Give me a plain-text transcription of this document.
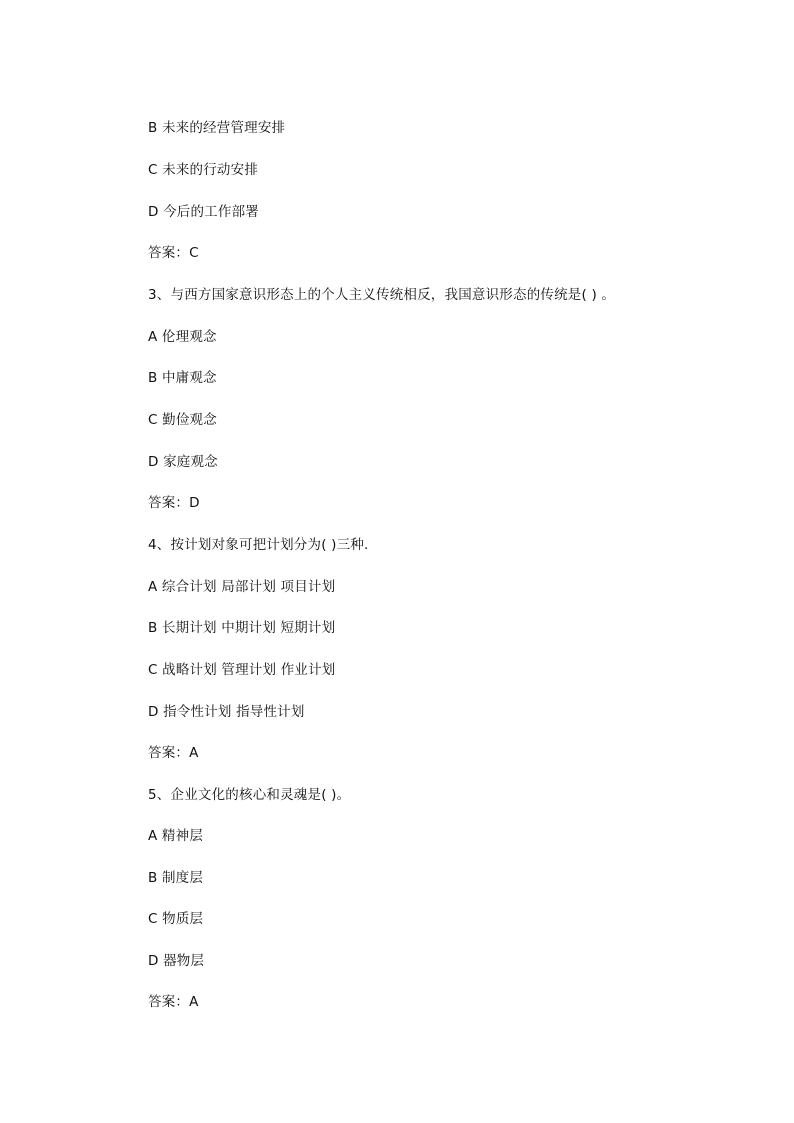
B 未来的经营管理安排
C 未来的行动安排
D 今后的工作部署
答案：C
3、与西方国家意识形态上的个人主义传统相反，我国意识形态的传统是( ) 。
A 伦理观念
B 中庸观念
C 勤俭观念
D 家庭观念
答案：D
4、按计划对象可把计划分为( )三种.
A 综合计划 局部计划 项目计划
B 长期计划 中期计划 短期计划
C 战略计划 管理计划 作业计划
D 指令性计划 指导性计划
答案：A
5、企业文化的核心和灵魂是( )。
A 精神层
B 制度层
C 物质层
D 器物层
答案：A
